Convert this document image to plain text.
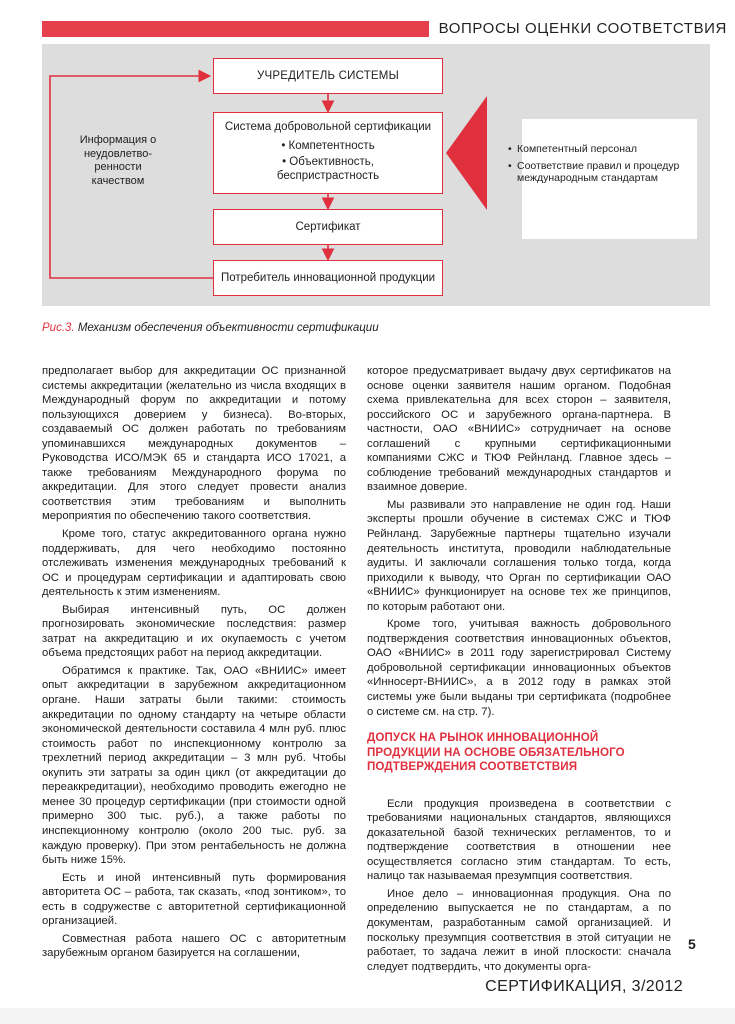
ВОПРОСЫ ОЦЕНКИ СООТВЕТСТВИЯ
УЧРЕДИТЕЛЬ СИСТЕМЫ
Система добровольной сертификации
• Компетентность
• Объективность,
беспристрастность
Сертификат
Потребитель инновационной продукции
Информация о неудовлетво-ренности качеством
• Компетентный персонал
• Соответствие правил и процедур международным стандартам
Рис.3. Механизм обеспечения объективности сертификации

предполагает выбор для аккредитации ОС признанной системы аккредитации (желательно из числа входящих в Международный форум по аккредитации и потому пользующихся доверием у бизнеса). Во-вторых, создаваемый ОС должен работать по требованиям упоминавшихся международных документов – Руководства ИСО/МЭК 65 и стандарта ИСО 17021, а также требованиям Международного форума по аккредитации. Для этого следует провести анализ соответствия этим требованиям и выполнить мероприятия по обеспечению такого соответствия.

Кроме того, статус аккредитованного органа нужно поддерживать, для чего необходимо постоянно отслеживать изменения международных требований к ОС и процедурам сертификации и адаптировать свою деятельность к этим изменениям.

Выбирая интенсивный путь, ОС должен прогнозировать экономические последствия: размер затрат на аккредитацию и их окупаемость с учетом объема предстоящих работ на период аккредитации.

Обратимся к практике. Так, ОАО «ВНИИС» имеет опыт аккредитации в зарубежном аккредитационном органе. Наши затраты были такими: стоимость аккредитации по одному стандарту на четыре области экономической деятельности составила 4 млн руб. плюс стоимость работ по инспекционному контролю за трехлетний период аккредитации – 3 млн руб. Чтобы окупить эти затраты за один цикл (от аккредитации до переаккредитации), необходимо проводить ежегодно не менее 30 процедур сертификации (при стоимости одной примерно 300 тыс. руб.), а также работы по инспекционному контролю (около 200 тыс. руб. за каждую проверку). При этом рентабельность не должна быть ниже 15%.

Есть и иной интенсивный путь формирования авторитета ОС – работа, так сказать, «под зонтиком», то есть в содружестве с авторитетной сертификационной организацией.

Совместная работа нашего ОС с авторитетным зарубежным органом базируется на соглашении,

которое предусматривает выдачу двух сертификатов на основе оценки заявителя нашим органом. Подобная схема привлекательна для всех сторон – заявителя, российского ОС и зарубежного органа-партнера. В частности, ОАО «ВНИИС» сотрудничает на основе соглашений с крупными сертификационными компаниями СЖС и ТЮФ Рейнланд. Главное здесь – соблюдение требований международных стандартов и взаимное доверие.

Мы развивали это направление не один год. Наши эксперты прошли обучение в системах СЖС и ТЮФ Рейнланд. Зарубежные партнеры тщательно изучали деятельность института, проводили наблюдательные аудиты. И заключали соглашения только тогда, когда приходили к выводу, что Орган по сертификации ОАО «ВНИИС» функционирует на основе тех же принципов, по которым работают они.

Кроме того, учитывая важность добровольного подтверждения соответствия инновационных объектов, ОАО «ВНИИС» в 2011 году зарегистрировал Систему добровольной сертификации инновационных объектов «Инносерт-ВНИИС», а в 2012 году в рамках этой системы уже были выданы три сертификата (подробнее о системе см. на стр. 7).

ДОПУСК НА РЫНОК ИННОВАЦИОННОЙ ПРОДУКЦИИ НА ОСНОВЕ ОБЯЗАТЕЛЬНОГО ПОДТВЕРЖДЕНИЯ СООТВЕТСТВИЯ

Если продукция произведена в соответствии с требованиями национальных стандартов, являющихся доказательной базой технических регламентов, то и подтверждение соответствия в отношении нее осуществляется согласно этим стандартам. То есть, налицо так называемая презумпция соответствия.

Иное дело – инновационная продукция. Она по определению выпускается не по стандартам, а по документам, разработанным самой организацией. И поскольку презумпция соответствия в этой ситуации не работает, то задача лежит в иной плоскости: сначала следует подтвердить, что документы орга-

5
СЕРТИФИКАЦИЯ, 3/2012
